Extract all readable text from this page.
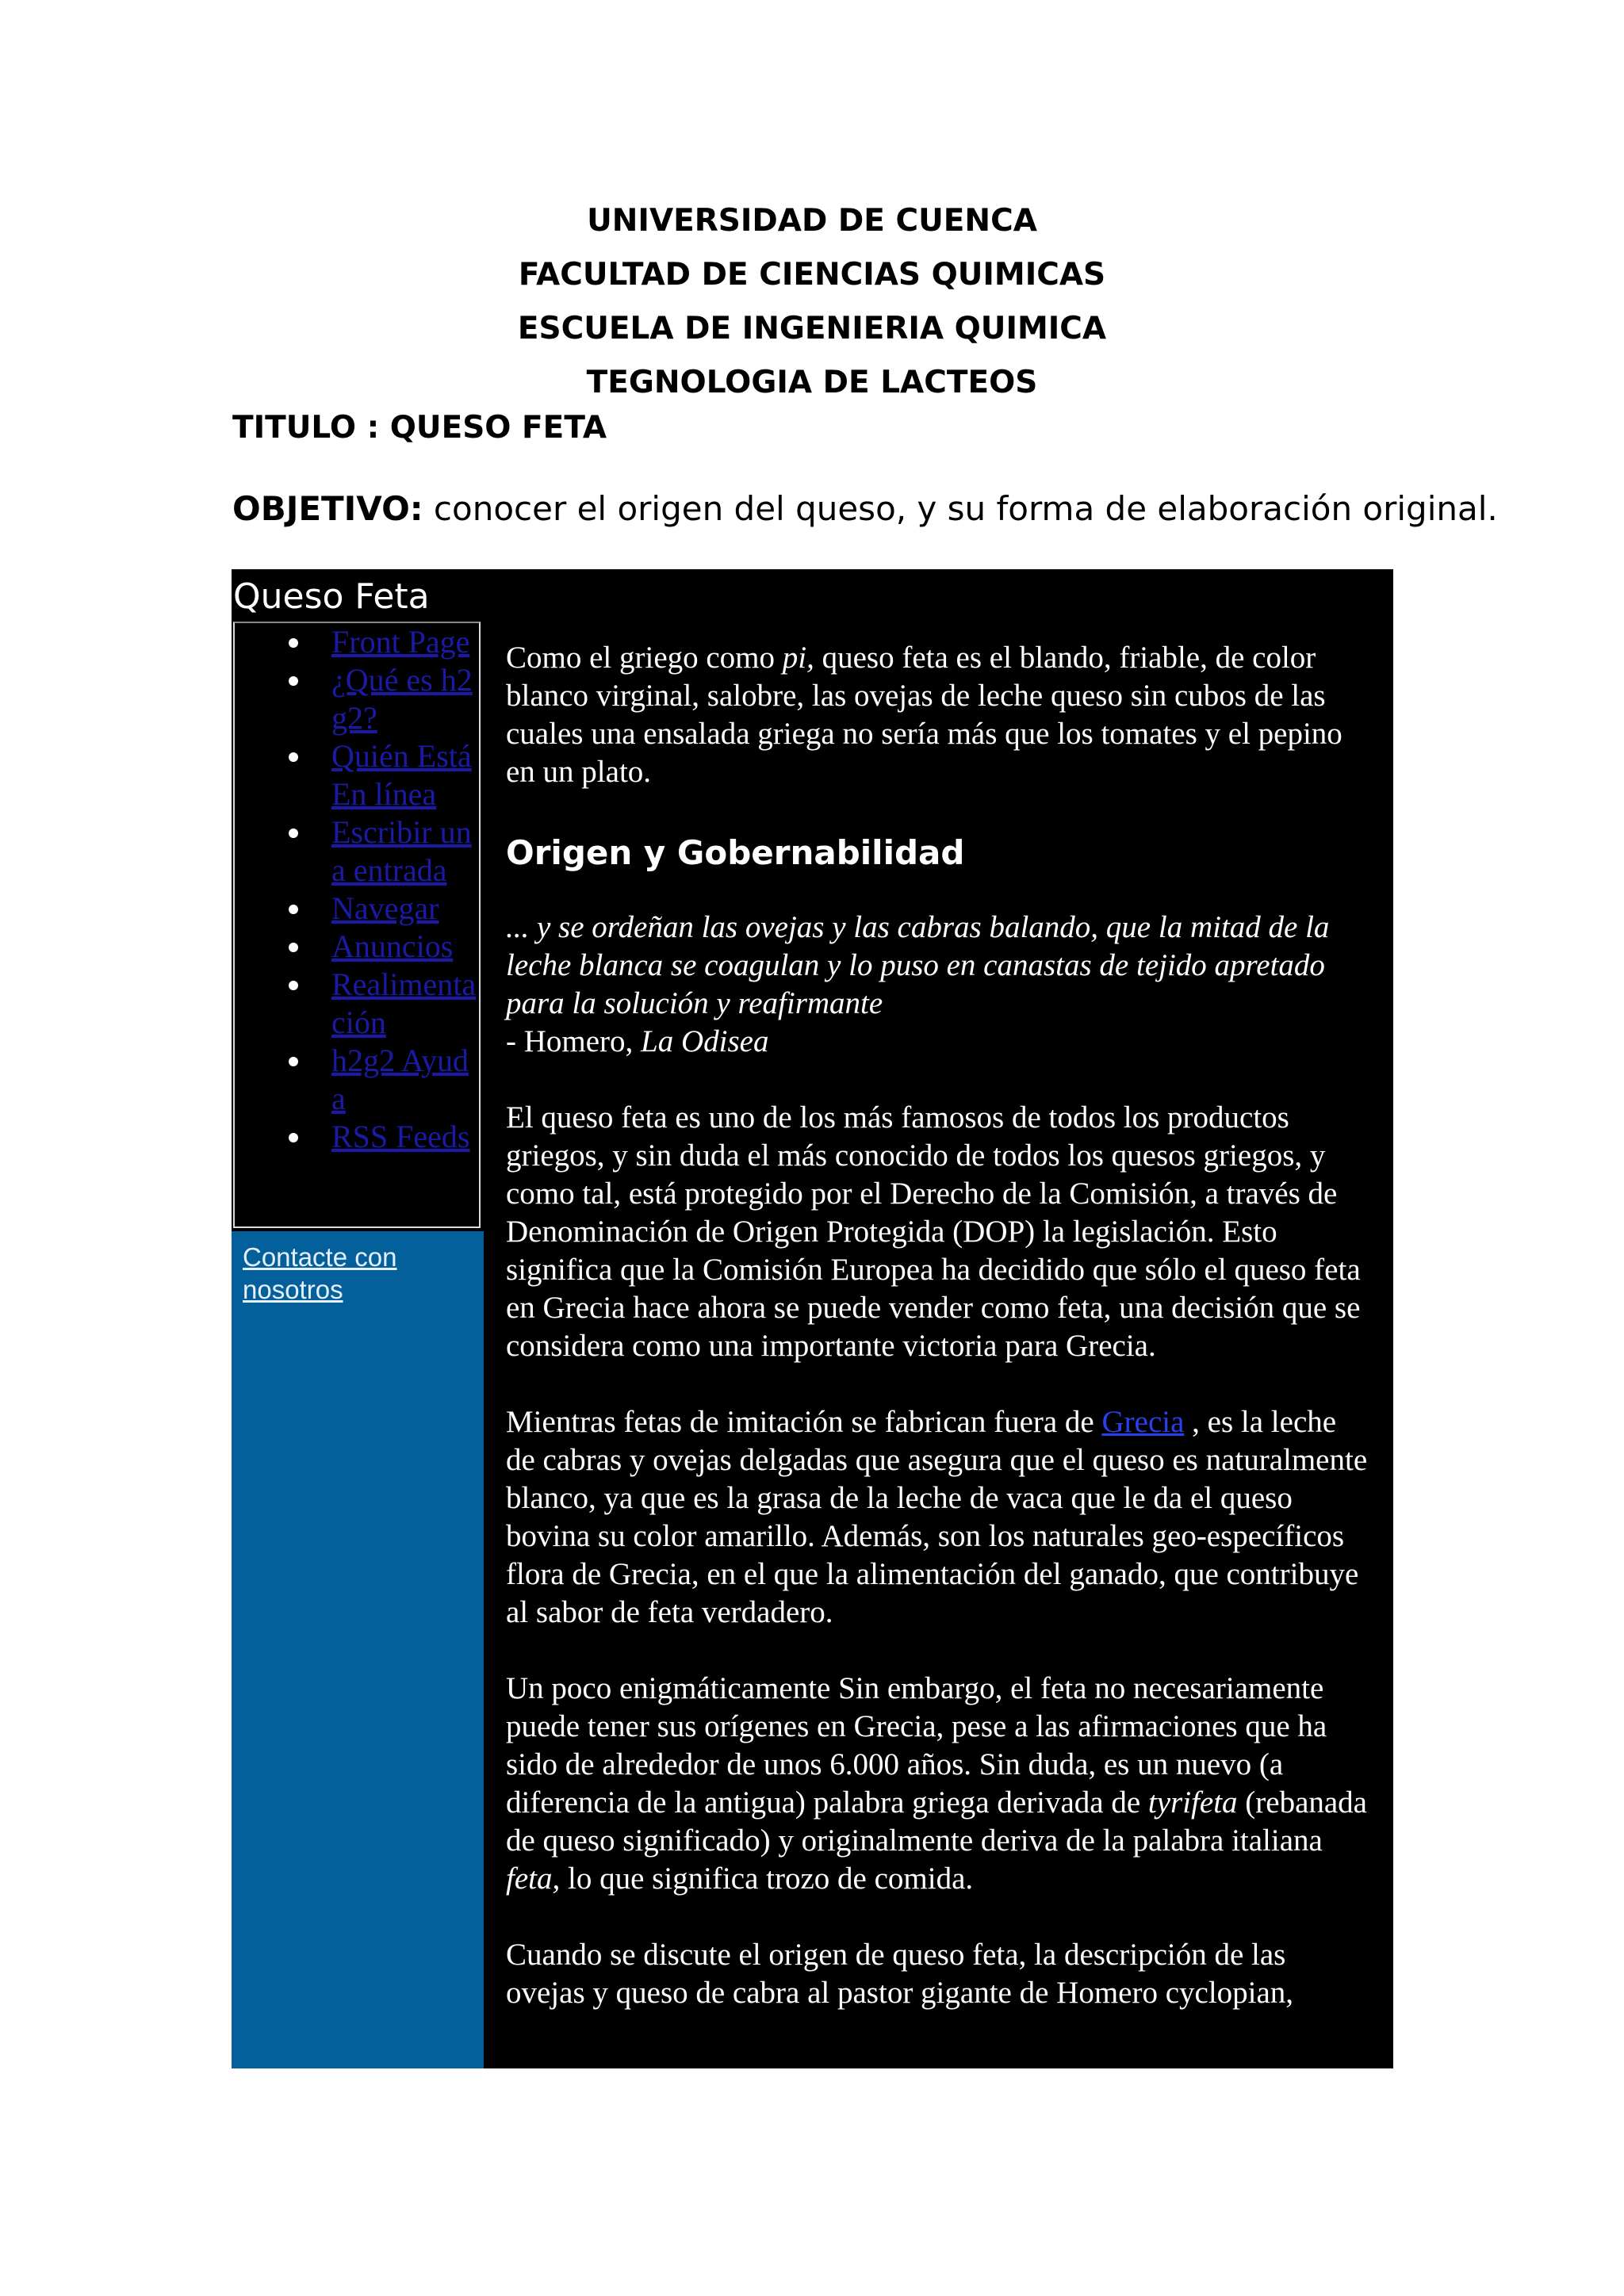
UNIVERSIDAD DE CUENCA
FACULTAD DE CIENCIAS QUIMICAS
ESCUELA DE INGENIERIA QUIMICA
TEGNOLOGIA DE LACTEOS
TITULO : QUESO FETA
OBJETIVO: conocer el origen del queso, y su forma de elaboración original.
Queso Feta
Front Page
¿Qué es h2g2?
Quién Está En línea
Escribir una entrada
Navegar
Anuncios
Realimentación
h2g2 Ayuda
RSS Feeds
Contacte con nosotros

Como el griego como pi, queso feta es el blando, friable, de color blanco virginal, salobre, las ovejas de leche queso sin cubos de las cuales una ensalada griega no sería más que los tomates y el pepino en un plato.

Origen y Gobernabilidad

... y se ordeñan las ovejas y las cabras balando, que la mitad de la leche blanca se coagulan y lo puso en canastas de tejido apretado para la solución y reafirmante
- Homero, La Odisea

El queso feta es uno de los más famosos de todos los productos griegos, y sin duda el más conocido de todos los quesos griegos, y como tal, está protegido por el Derecho de la Comisión, a través de Denominación de Origen Protegida (DOP) la legislación. Esto significa que la Comisión Europea ha decidido que sólo el queso feta en Grecia hace ahora se puede vender como feta, una decisión que se considera como una importante victoria para Grecia.

Mientras fetas de imitación se fabrican fuera de Grecia , es la leche de cabras y ovejas delgadas que asegura que el queso es naturalmente blanco, ya que es la grasa de la leche de vaca que le da el queso bovina su color amarillo. Además, son los naturales geo-específicos flora de Grecia, en el que la alimentación del ganado, que contribuye al sabor de feta verdadero.

Un poco enigmáticamente Sin embargo, el feta no necesariamente puede tener sus orígenes en Grecia, pese a las afirmaciones que ha sido de alrededor de unos 6.000 años. Sin duda, es un nuevo (a diferencia de la antigua) palabra griega derivada de tyrifeta (rebanada de queso significado) y originalmente deriva de la palabra italiana feta, lo que significa trozo de comida.

Cuando se discute el origen de queso feta, la descripción de las ovejas y queso de cabra al pastor gigante de Homero cyclopian,
